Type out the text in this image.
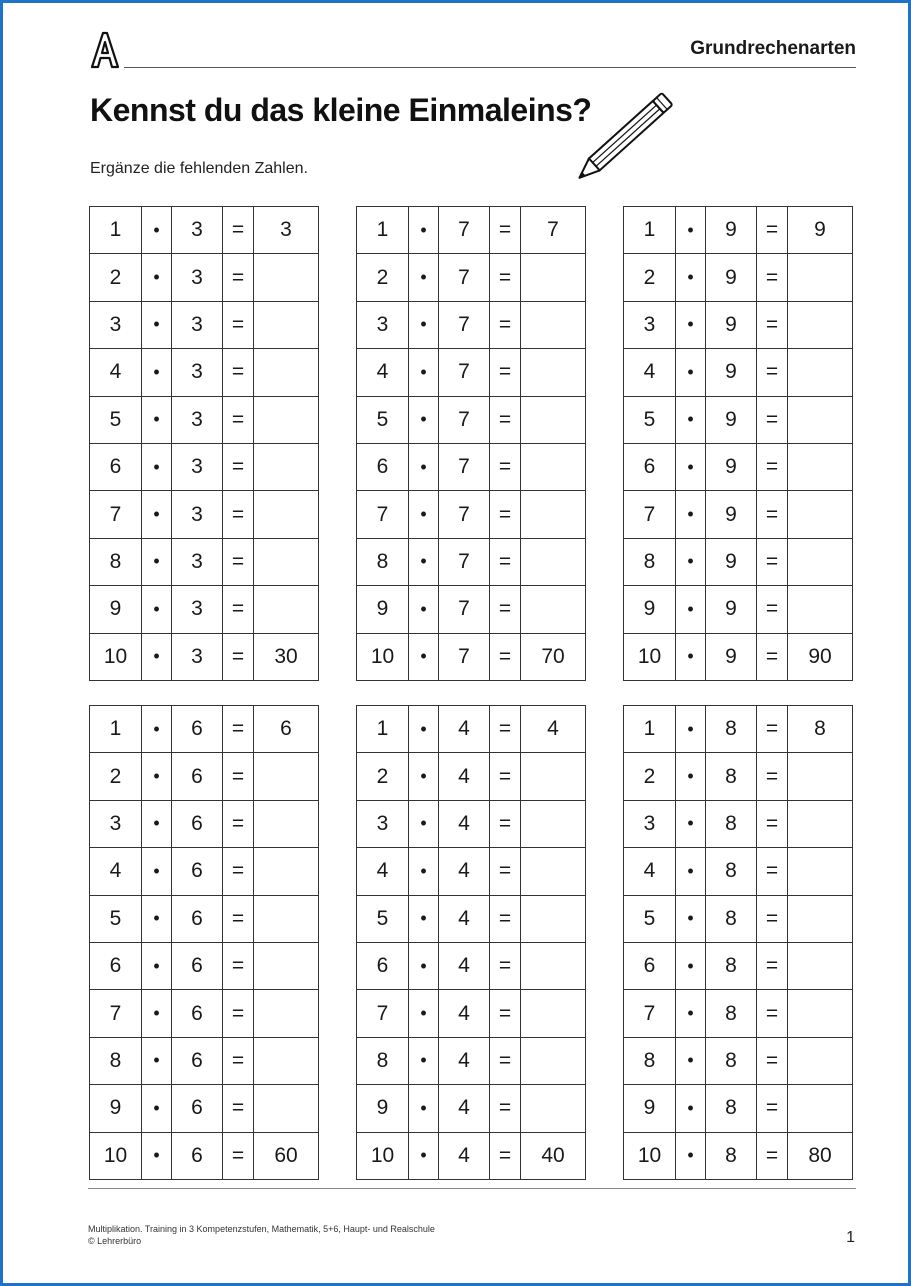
Grundrechenarten
Kennst du das kleine Einmaleins?

Ergänze die fehlenden Zahlen.

1	•	3	=	3
2	•	3	=	
3	•	3	=	
4	•	3	=	
5	•	3	=	
6	•	3	=	
7	•	3	=	
8	•	3	=	
9	•	3	=	
10	•	3	=	30
1	•	7	=	7
2	•	7	=	
3	•	7	=	
4	•	7	=	
5	•	7	=	
6	•	7	=	
7	•	7	=	
8	•	7	=	
9	•	7	=	
10	•	7	=	70
1	•	9	=	9
2	•	9	=	
3	•	9	=	
4	•	9	=	
5	•	9	=	
6	•	9	=	
7	•	9	=	
8	•	9	=	
9	•	9	=	
10	•	9	=	90
1	•	6	=	6
2	•	6	=	
3	•	6	=	
4	•	6	=	
5	•	6	=	
6	•	6	=	
7	•	6	=	
8	•	6	=	
9	•	6	=	
10	•	6	=	60
1	•	4	=	4
2	•	4	=	
3	•	4	=	
4	•	4	=	
5	•	4	=	
6	•	4	=	
7	•	4	=	
8	•	4	=	
9	•	4	=	
10	•	4	=	40
1	•	8	=	8
2	•	8	=	
3	•	8	=	
4	•	8	=	
5	•	8	=	
6	•	8	=	
7	•	8	=	
8	•	8	=	
9	•	8	=	
10	•	8	=	80
Multiplikation. Training in 3 Kompetenzstufen, Mathematik, 5+6, Haupt- und Realschule
© Lehrerbüro	1
